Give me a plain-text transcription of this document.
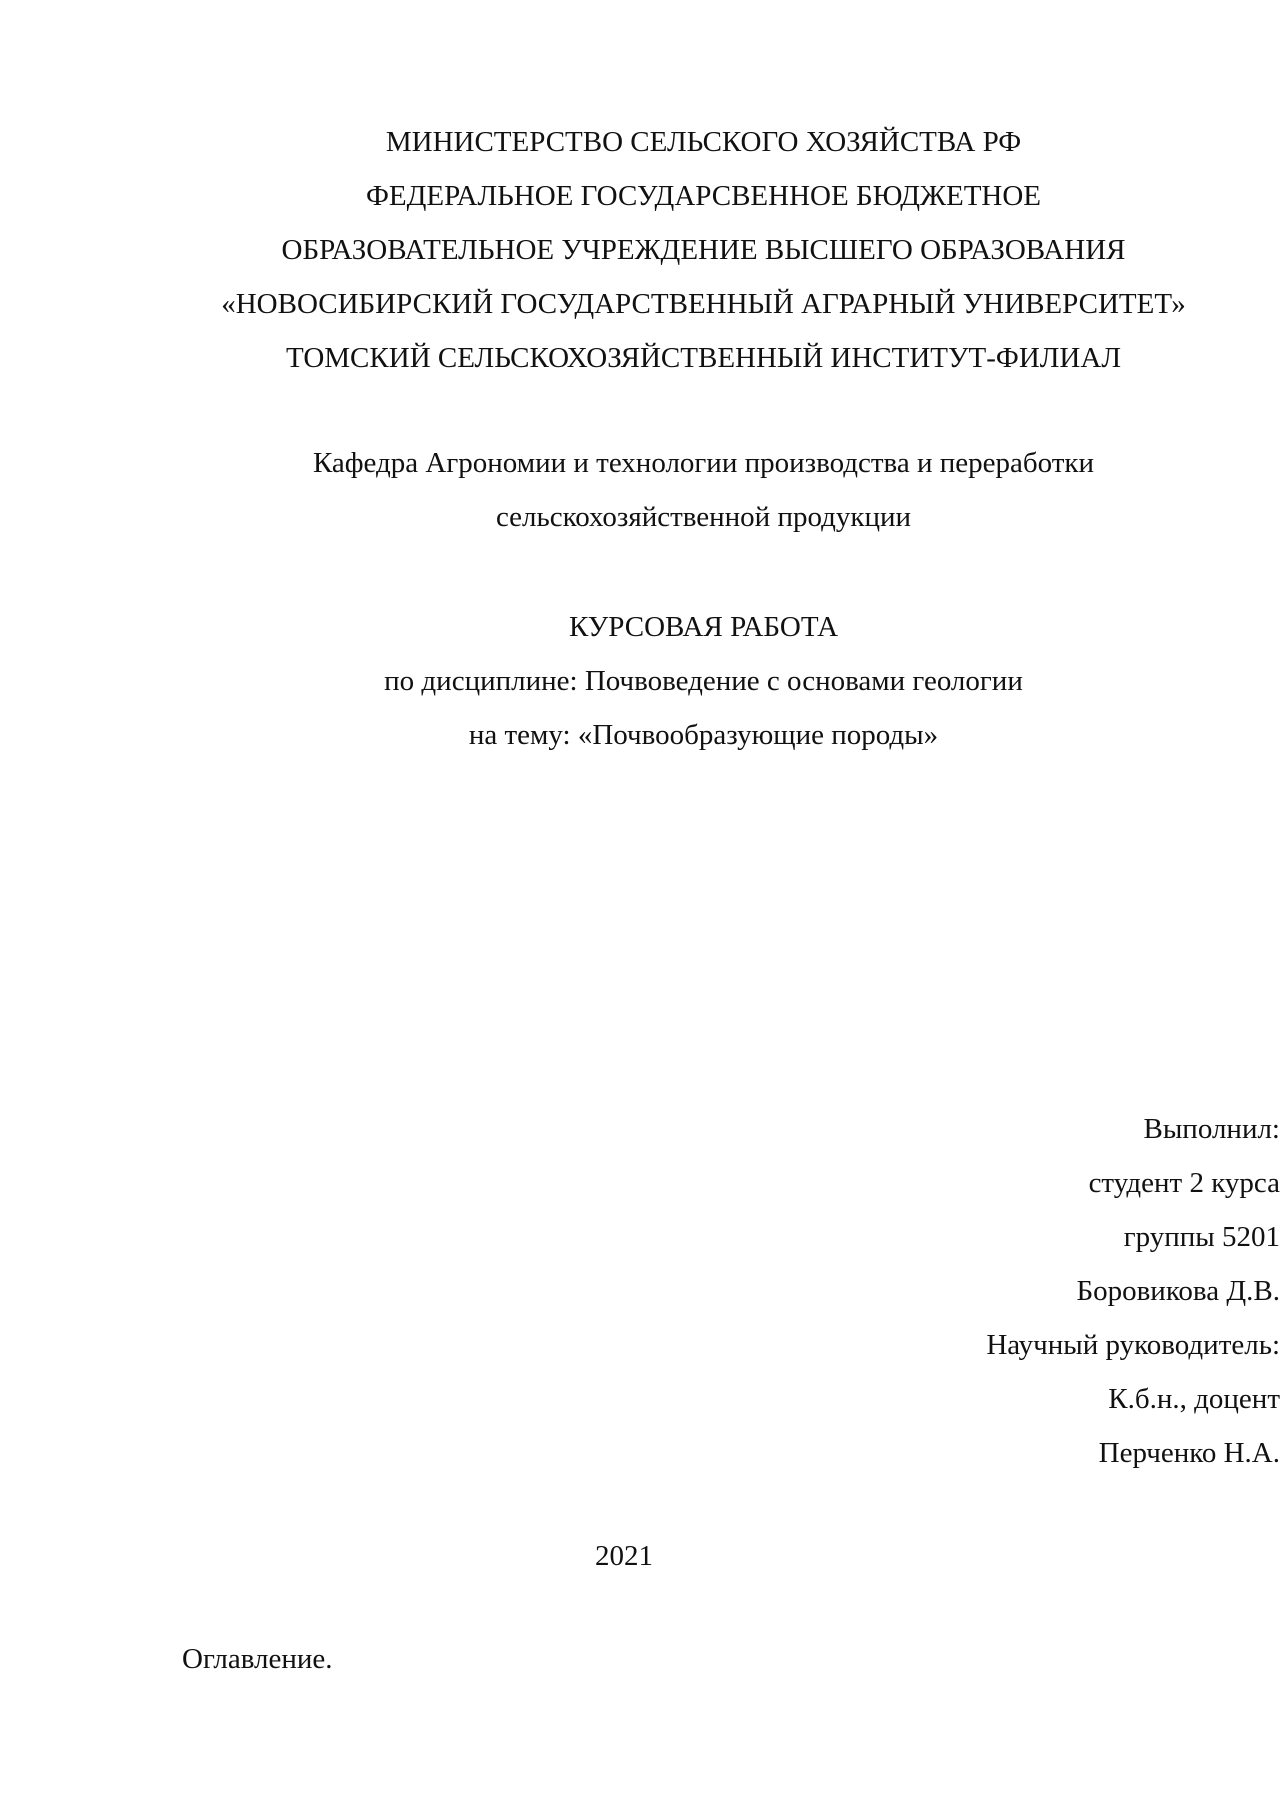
МИНИСТЕРСТВО СЕЛЬСКОГО ХОЗЯЙСТВА РФ
ФЕДЕРАЛЬНОЕ ГОСУДАРСВЕННОЕ БЮДЖЕТНОЕ
ОБРАЗОВАТЕЛЬНОЕ УЧРЕЖДЕНИЕ ВЫСШЕГО ОБРАЗОВАНИЯ
«НОВОСИБИРСКИЙ ГОСУДАРСТВЕННЫЙ АГРАРНЫЙ УНИВЕРСИТЕТ»
ТОМСКИЙ СЕЛЬСКОХОЗЯЙСТВЕННЫЙ ИНСТИТУТ-ФИЛИАЛ
Кафедра Агрономии и технологии производства и переработки
сельскохозяйственной продукции
КУРСОВАЯ РАБОТА
по дисциплине: Почвоведение с основами геологии
на тему: «Почвообразующие породы»
Выполнил:
студент 2 курса
группы 5201
Боровикова Д.В.
Научный руководитель:
К.б.н., доцент
Перченко Н.А.
2021
Оглавление.
